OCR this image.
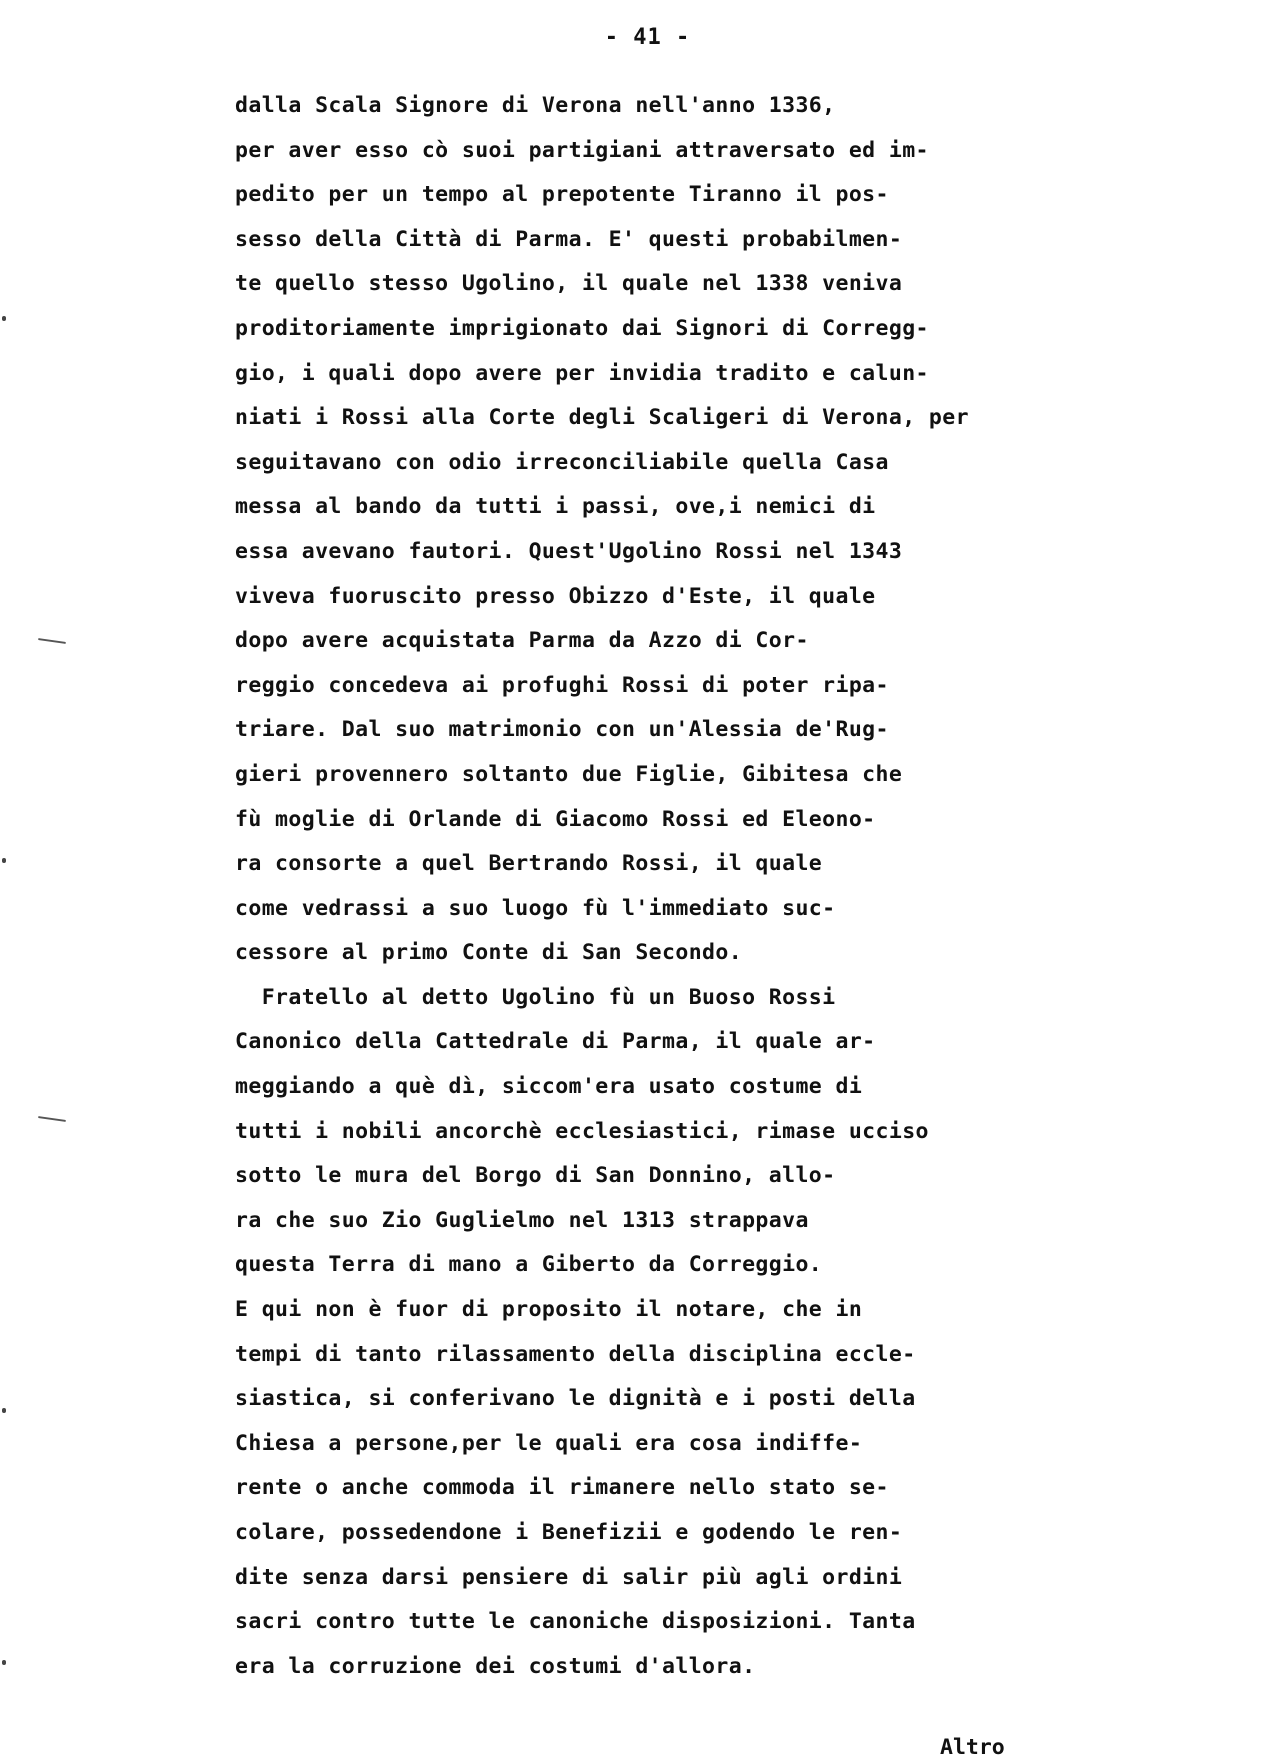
- 41 -
dalla Scala Signore di Verona nell'anno 1336,
per aver esso cò suoi partigiani attraversato ed im-
pedito per un tempo al prepotente Tiranno il pos-
sesso della Città di Parma. E' questi probabilmen-
te quello stesso Ugolino, il quale nel 1338 veniva
proditoriamente imprigionato dai Signori di Corregg-
gio, i quali dopo avere per invidia tradito e calun-
niati i Rossi alla Corte degli Scaligeri di Verona, per
seguitavano con odio irreconciliabile quella Casa
messa al bando da tutti i passi, ove,i nemici di
essa avevano fautori. Quest'Ugolino Rossi nel 1343
viveva fuoruscito presso Obizzo d'Este, il quale
dopo avere acquistata Parma da Azzo di Cor-
reggio concedeva ai profughi Rossi di poter ripa-
triare. Dal suo matrimonio con un'Alessia de'Rug-
gieri provennero soltanto due Figlie, Gibitesa che
fù moglie di Orlande di Giacomo Rossi ed Eleono-
ra consorte a quel Bertrando Rossi, il quale
come vedrassi a suo luogo fù l'immediato suc-
cessore al primo Conte di San Secondo.
Fratello al detto Ugolino fù un Buoso Rossi
Canonico della Cattedrale di Parma, il quale ar-
meggiando a què dì, siccom'era usato costume di
tutti i nobili ancorchè ecclesiastici, rimase ucciso
sotto le mura del Borgo di San Donnino, allo-
ra che suo Zio Guglielmo nel 1313 strappava
questa Terra di mano a Giberto da Correggio.
E qui non è fuor di proposito il notare, che in
tempi di tanto rilassamento della disciplina eccle-
siastica, si conferivano le dignità e i posti della
Chiesa a persone,per le quali era cosa indiffe-
rente o anche commoda il rimanere nello stato se-
colare, possedendone i Benefizii e godendo le ren-
dite senza darsi pensiere di salir più agli ordini
sacri contro tutte le canoniche disposizioni. Tanta
era la corruzione dei costumi d'allora.
Altro
